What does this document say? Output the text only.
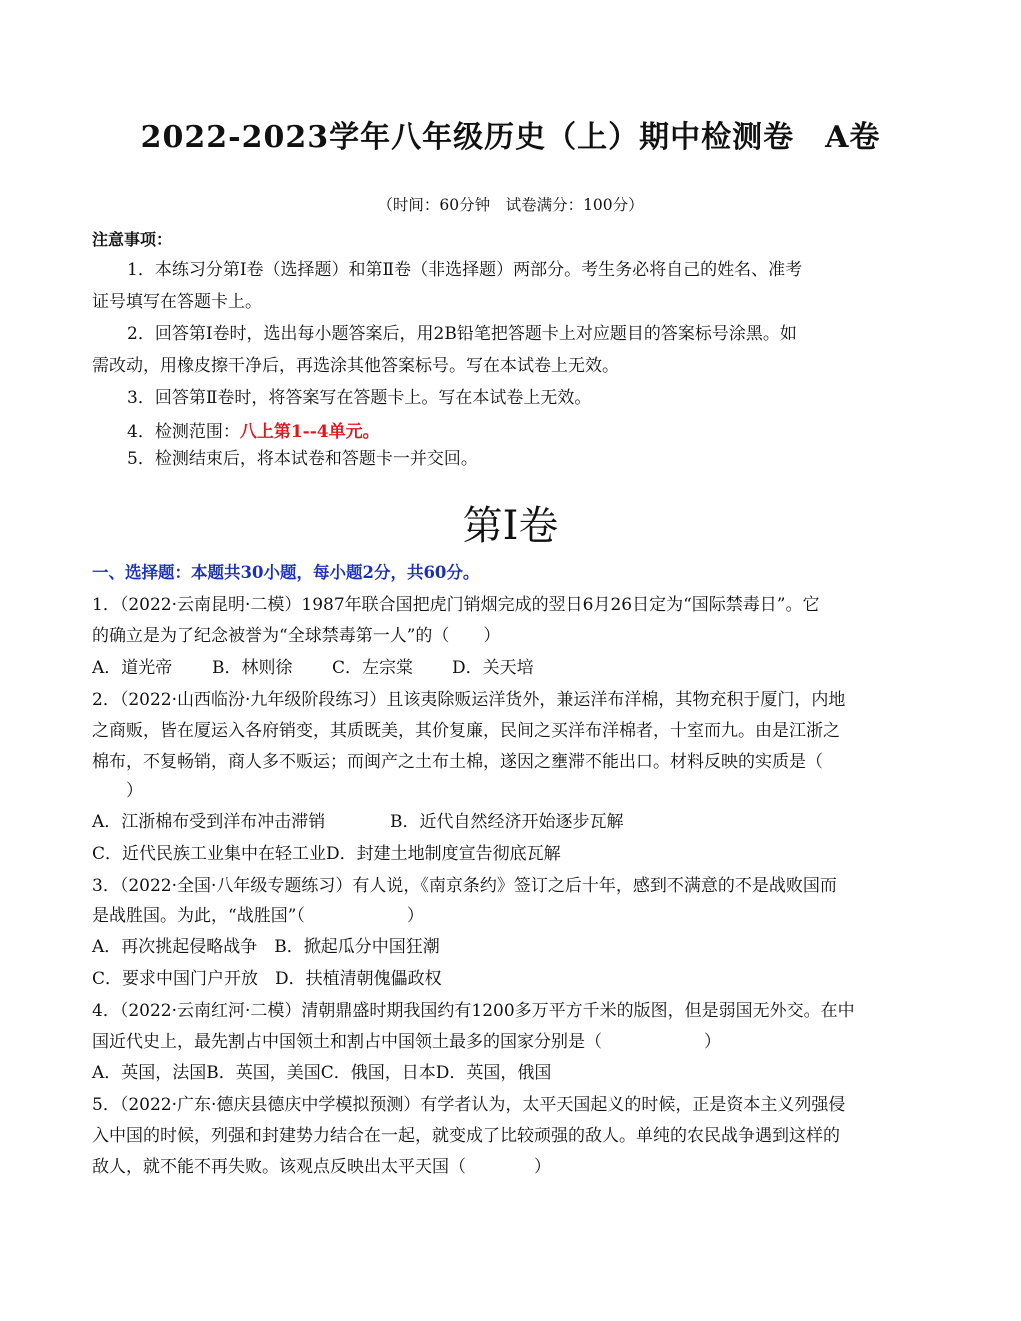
2022-2023学年八年级历史（上）期中检测卷　A卷
（时间：60分钟　试卷满分：100分）
注意事项：
1．本练习分第Ⅰ卷（选择题）和第Ⅱ卷（非选择题）两部分。考生务必将自己的姓名、准考
证号填写在答题卡上。
2．回答第Ⅰ卷时，选出每小题答案后，用2B铅笔把答题卡上对应题目的答案标号涂黑。如
需改动，用橡皮擦干净后，再选涂其他答案标号。写在本试卷上无效。
3．回答第Ⅱ卷时，将答案写在答题卡上。写在本试卷上无效。
4．检测范围：八上第1--4单元。
5．检测结束后，将本试卷和答题卡一并交回。
第Ⅰ卷
一、选择题：本题共30小题，每小题2分，共60分。
1．（2022·云南昆明·二模）1987年联合国把虎门销烟完成的翌日6月26日定为“国际禁毒日”。它
的确立是为了纪念被誉为“全球禁毒第一人”的（　　）
A．道光帝 B．林则徐 C．左宗棠 D．关天培
2．（2022·山西临汾·九年级阶段练习）且该夷除贩运洋货外，兼运洋布洋棉，其物充积于厦门，内地
之商贩，皆在厦运入各府销变，其质既美，其价复廉，民间之买洋布洋棉者，十室而九。由是江浙之
棉布，不复畅销，商人多不贩运；而闽产之土布土棉，遂因之壅滞不能出口。材料反映的实质是（
　　）
A．江浙棉布受到洋布冲击滞销	B．近代自然经济开始逐步瓦解
C．近代民族工业集中在轻工业D．封建土地制度宣告彻底瓦解
3．（2022·全国·八年级专题练习）有人说，《南京条约》签订之后十年，感到不满意的不是战败国而
是战胜国。为此，“战胜国”（　　　　　　）
A．再次挑起侵略战争　 B．掀起瓜分中国狂潮
C．要求中国门户开放　 D．扶植清朝傀儡政权
4．（2022·云南红河·二模）清朝鼎盛时期我国约有1200多万平方千米的版图，但是弱国无外交。在中
国近代史上，最先割占中国领土和割占中国领土最多的国家分别是（　　　　　　）
A．英国，法国B．英国，美国C．俄国，日本D．英国，俄国
5．（2022·广东·德庆县德庆中学模拟预测）有学者认为，太平天国起义的时候，正是资本主义列强侵
入中国的时候，列强和封建势力结合在一起，就变成了比较顽强的敌人。单纯的农民战争遇到这样的
敌人，就不能不再失败。该观点反映出太平天国（　　　　）
